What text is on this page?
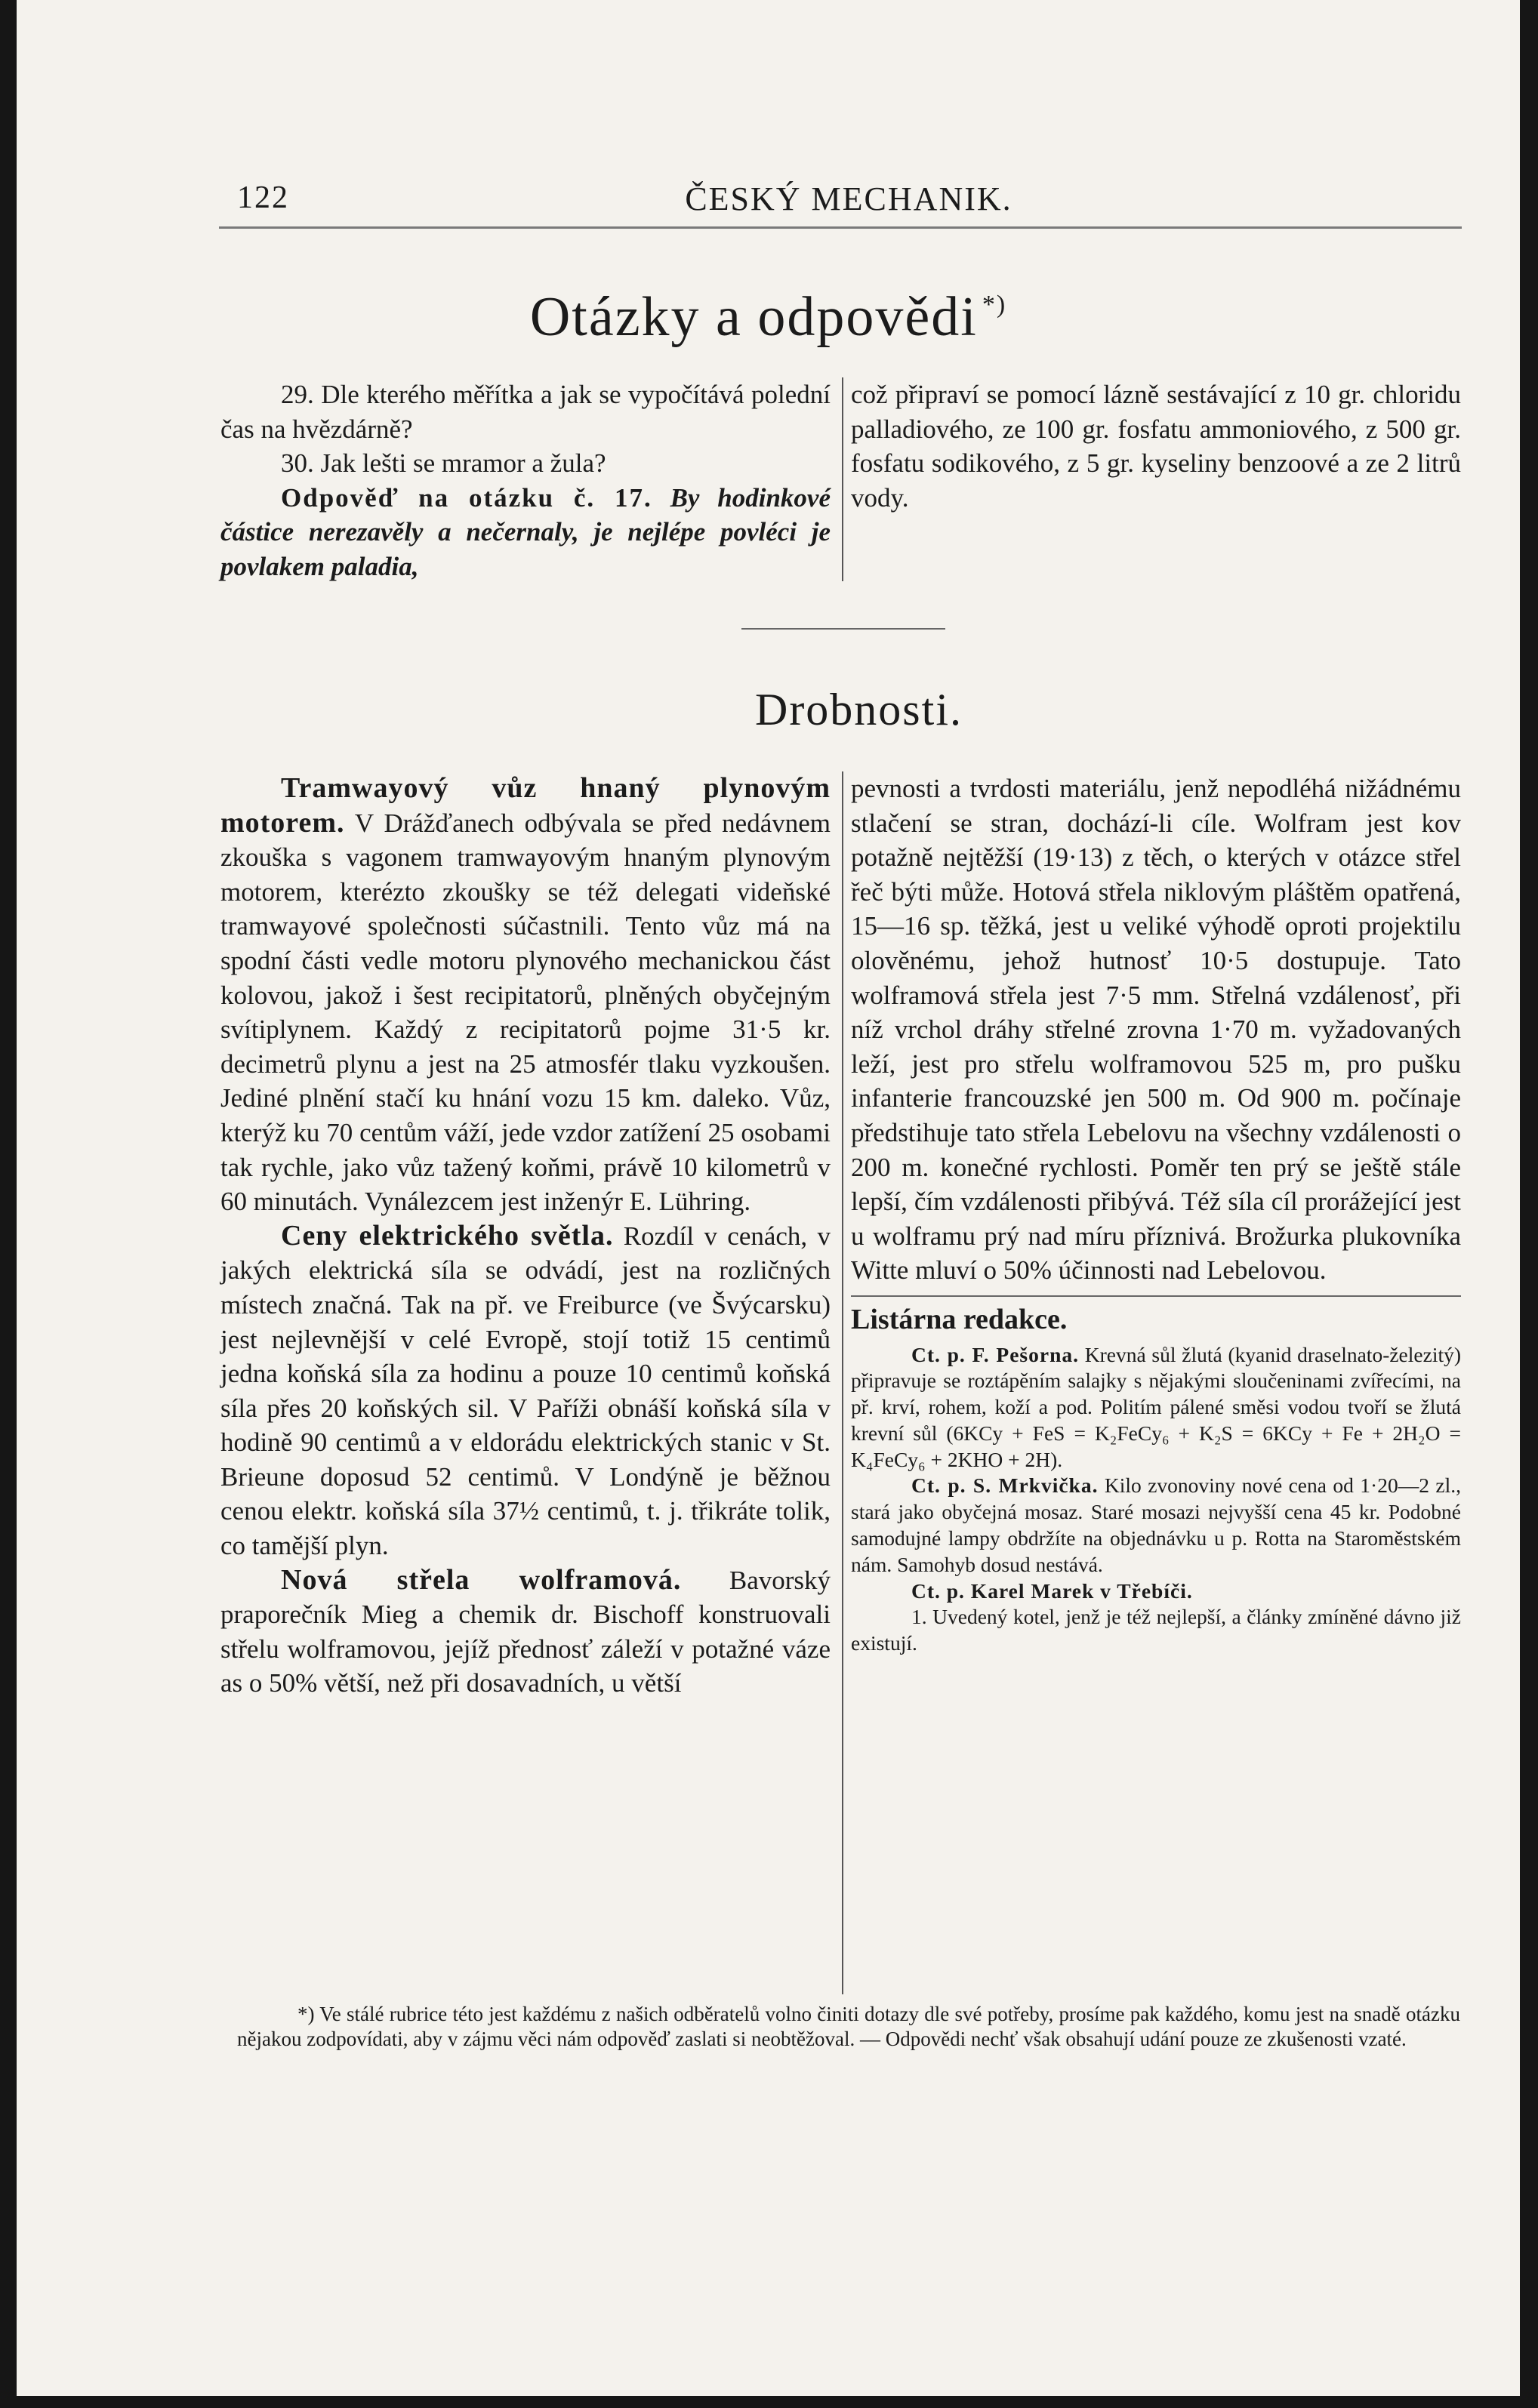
122	ČESKÝ MECHANIK.
Otázky a odpovědi *)

29. Dle kterého měřítka a jak se vypočítává polední čas na hvězdárně?

30. Jak lešti se mramor a žula?

Odpověď na otázku č. 17. By hodinkové částice nerezavěly a nečernaly, je nejlépe povléci je povlakem paladia,

což připraví se pomocí lázně sestávající z 10 gr. chloridu palladiového, ze 100 gr. fosfatu ammoniového, z 500 gr. fosfatu sodikového, z 5 gr. kyseliny benzoové a ze 2 litrů vody.

Drobnosti.

Tramwayový vůz hnaný plynovým motorem. V Drážďanech odbývala se před nedávnem zkouška s vagonem tramwayovým hnaným plynovým motorem, kterézto zkoušky se též delegati videňské tramwayové společnosti súčastnili. Tento vůz má na spodní části vedle motoru plynového mechanickou část kolovou, jakož i šest recipitatorů, plněných obyčejným svítiplynem. Každý z recipitatorů pojme 31·5 kr. decimetrů plynu a jest na 25 atmosfér tlaku vyzkoušen. Jediné plnění stačí ku hnání vozu 15 km. daleko. Vůz, kterýž ku 70 centům váží, jede vzdor zatížení 25 osobami tak rychle, jako vůz tažený koňmi, právě 10 kilometrů v 60 minutách. Vynálezcem jest inženýr E. Lühring.

Ceny elektrického světla. Rozdíl v cenách, v jakých elektrická síla se odvádí, jest na rozličných místech značná. Tak na př. ve Freiburce (ve Švýcarsku) jest nejlevnější v celé Evropě, stojí totiž 15 centimů jedna koňská síla za hodinu a pouze 10 centimů koňská síla přes 20 koňských sil. V Paříži obnáší koňská síla v hodině 90 centimů a v eldorádu elektrických stanic v St. Brieune doposud 52 centimů. V Londýně je běžnou cenou elektr. koňská síla 37½ centimů, t. j. třikráte tolik, co tamější plyn.

Nová střela wolframová. Bavorský praporečník Mieg a chemik dr. Bischoff konstruovali střelu wolframovou, jejíž přednosť záleží v potažné váze as o 50% větší, než při dosavadních, u větší

pevnosti a tvrdosti materiálu, jenž nepodléhá nižádnému stlačení se stran, dochází-li cíle. Wolfram jest kov potažně nejtěžší (19·13) z těch, o kterých v otázce střel řeč býti může. Hotová střela niklovým pláštěm opatřená, 15—16 sp. těžká, jest u veliké výhodě oproti projektilu olověnému, jehož hutnosť 10·5 dostupuje. Tato wolframová střela jest 7·5 mm. Střelná vzdálenosť, při níž vrchol dráhy střelné zrovna 1·70 m. vyžadovaných leží, jest pro střelu wolframovou 525 m, pro pušku infanterie francouzské jen 500 m. Od 900 m. počínaje předstihuje tato střela Lebelovu na všechny vzdálenosti o 200 m. konečné rychlosti. Poměr ten prý se ještě stále lepší, čím vzdálenosti přibývá. Též síla cíl prorážející jest u wolframu prý nad míru příznivá. Brožurka plukovníka Witte mluví o 50% účinnosti nad Lebelovou.

Listárna redakce.

Ct. p. F. Pešorna. Krevná sůl žlutá (kyanid draselnato-železitý) připravuje se roztápěním salajky s nějakými sloučeninami zvířecími, na př. krví, rohem, koží a pod. Politím pálené směsi vodou tvoří se žlutá krevní sůl (6KCy + FeS = K₂FeCy₆ + K₂S = 6KCy + Fe + 2H₂O = K₄FeCy₆ + 2KHO + 2H).

Ct. p. S. Mrkvička. Kilo zvonoviny nové cena od 1·20—2 zl., stará jako obyčejná mosaz. Staré mosazi nejvyšší cena 45 kr. Podobné samodujné lampy obdržíte na objednávku u p. Rotta na Staroměstském nám. Samohyb dosud nestává.

Ct. p. Karel Marek v Třebíči.

1. Uvedený kotel, jenž je též nejlepší, a články zmíněné dávno již existují.

*) Ve stálé rubrice této jest každému z našich odběratelů volno činiti dotazy dle své potřeby, prosíme pak každého, komu jest na snadě otázku nějakou zodpovídati, aby v zájmu věci nám odpověď zaslati si neobtěžoval. — Odpovědi nechť však obsahují udání pouze ze zkušenosti vzaté.
